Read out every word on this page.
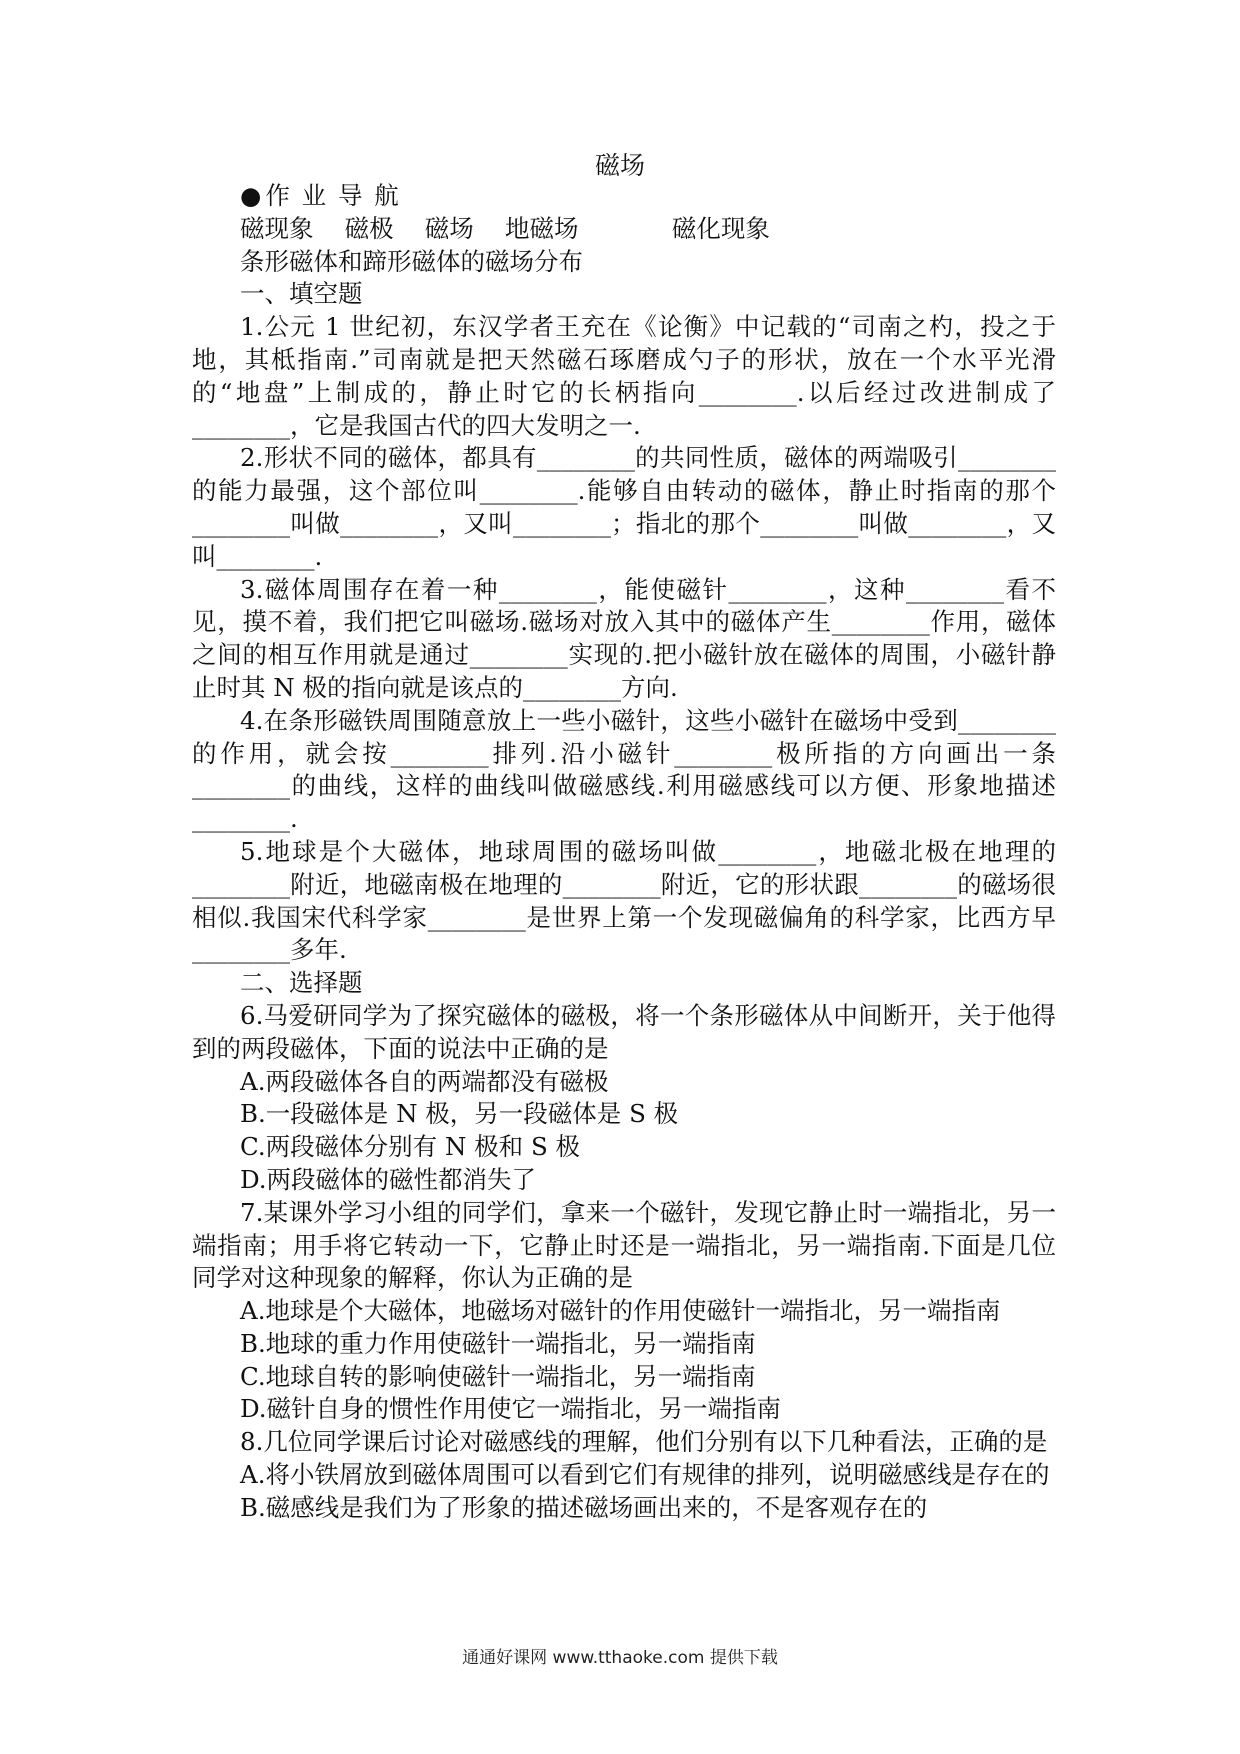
磁场

●作 业 导 航

磁现象    磁极    磁场    地磁场            磁化现象

条形磁体和蹄形磁体的磁场分布

一、填空题

1.公元 1 世纪初，东汉学者王充在《论衡》中记载的“司南之杓，投之于地，其柢指南.”司南就是把天然磁石琢磨成勺子的形状，放在一个水平光滑的“地盘”上制成的，静止时它的长柄指向________.以后经过改进制成了________，它是我国古代的四大发明之一.

2.形状不同的磁体，都具有________的共同性质，磁体的两端吸引________的能力最强，这个部位叫________.能够自由转动的磁体，静止时指南的那个________叫做________，又叫________；指北的那个________叫做________，又叫________.

3.磁体周围存在着一种________，能使磁针________，这种________看不见，摸不着，我们把它叫磁场.磁场对放入其中的磁体产生________作用，磁体之间的相互作用就是通过________实现的.把小磁针放在磁体的周围，小磁针静止时其 N 极的指向就是该点的________方向.

4.在条形磁铁周围随意放上一些小磁针，这些小磁针在磁场中受到________的作用，就会按________排列.沿小磁针________极所指的方向画出一条________的曲线，这样的曲线叫做磁感线.利用磁感线可以方便、形象地描述________.

5.地球是个大磁体，地球周围的磁场叫做________，地磁北极在地理的________附近，地磁南极在地理的________附近，它的形状跟________的磁场很相似.我国宋代科学家________是世界上第一个发现磁偏角的科学家，比西方早________多年.

二、选择题

6.马爱研同学为了探究磁体的磁极，将一个条形磁体从中间断开，关于他得到的两段磁体，下面的说法中正确的是

A.两段磁体各自的两端都没有磁极

B.一段磁体是 N 极，另一段磁体是 S 极

C.两段磁体分别有 N 极和 S 极

D.两段磁体的磁性都消失了

7.某课外学习小组的同学们，拿来一个磁针，发现它静止时一端指北，另一端指南；用手将它转动一下，它静止时还是一端指北，另一端指南.下面是几位同学对这种现象的解释，你认为正确的是

A.地球是个大磁体，地磁场对磁针的作用使磁针一端指北，另一端指南

B.地球的重力作用使磁针一端指北，另一端指南

C.地球自转的影响使磁针一端指北，另一端指南

D.磁针自身的惯性作用使它一端指北，另一端指南

8.几位同学课后讨论对磁感线的理解，他们分别有以下几种看法，正确的是

A.将小铁屑放到磁体周围可以看到它们有规律的排列，说明磁感线是存在的

B.磁感线是我们为了形象的描述磁场画出来的，不是客观存在的

通通好课网 www.tthaoke.com 提供下载
